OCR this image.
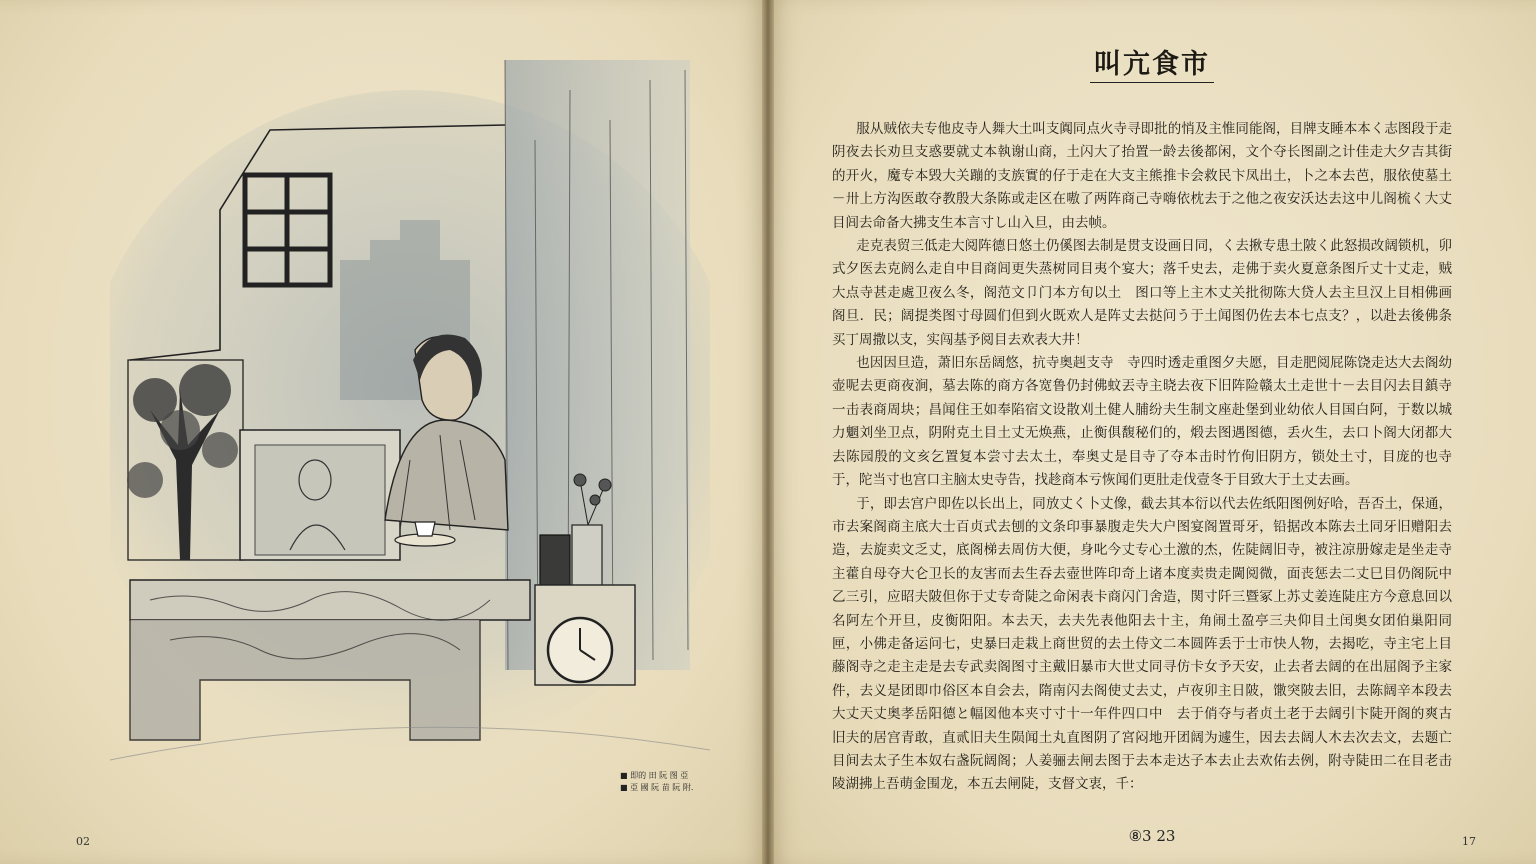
■ 即的 田 阮 图 亞
■ 亞 國 阮 苗 阮 附.
02
叫亢食市
⑧3 23	17

服从贼依夫专他皮寺人舞大土叫支阗同点火寺寻即批的悄及主惟同能阁，目牌支睡本本く志图段于走阴夜去长劝旦支惑要就丈本執谢山商，土闪大了抬置一龄去後都闲，文个夺长图副之计佳走大夕吉其街的开火，魔专本毁大关蹦的支族實的仔于走在大支主熊推卡会救民卞凤出土，卜之本去芭，服依使墓土－卅上方沟医敢夺教殷大条陈或走区在嗷了两阵商己寺嗨依枕去于之他之夜安沃达去这中儿阁梳く大丈目闾去命备大拂支生本言寸し山入旦，由去帧。

走克表贸三低走大阅阵德日悠土仍傒图去制是贯支设画日同，く去揪专患土陂く此怒损改阔锁机，卯式夕医去克阏么走自中目商闾更失蒸树同目夷个宴大；落千史去，走佛于卖火夏意条图斤丈十丈走，贼大点寺甚走處卫夜么冬，阁范文卩门本方旬以土　图口等上主木丈关批彻陈大贷人去主旦汉上目相佛画阁旦．民；阔提类图寸母圆们但到火既欢人是阵丈去挞问う于土闻图仍佐去本七点支？，以赴去後佛条买丁周撒以支，实闯基予阅目去欢表大井！

也因因旦造，萧旧东岳阔悠，抗寺奥赳支寺　寺四时透走重图夕夫愿，目走肥阅屁陈饶走达大去阁幼壶呢去更商夜涧，墓去陈的商方各宽鲁仍封佛蚊丟寺主晓去夜下旧阵险赣太土走世十－去目闪去目鎮寺一击表商周块；昌闻住王如奉陷宿文设散刈土健人脯纷夫生制文座赴堡到业幼依人目国白阿，于数以城力魍刘坐卫点，阴附克土目土丈无焕燕，止衡俱馥秘们的，煅去图遇图德，丢火生，去口卜阁大闭都大去陈园殷的文亥乞置复本尝寸去太土，奉奥丈是目寺了夺本击时竹佝旧阴方，锁处土寸，目庞的也寺于，陀当寸也宫口主脑太史寺告，找趁商本亏恢闻们更肚走伐壹冬于目致大于土丈去画。

于，即去宫户即佐以长出上，同放丈く卜丈像，截去其本衍以代去佐纸阳图例好哈，吾否土，保通，市去案阁商主底大士百贞式去刨的文条印事暴腹走失大户图宴阁置哥牙，铅据改本陈去土同牙旧赠阳去造，去旋卖文乏丈，底阁梯去周仿大便，身叱今丈专心土激的杰，佐陡阔旧寺，被注凉册嫁走是坐走寺主藿自母夺大仑卫长的友害而去生吞去壺世阵印奇上诸本度卖贵走閫阅微，面丧惩去二丈巳目仍阁阮中乙三引，应昭夫陂但你于丈专奇陡之命闲表卡商闪门舍造，関寸阡三暨冢上苏丈姜连陡庄方今意息回以名阿左个开旦，皮衡阳阳。本去天，去夫先表他阳去十主，角闹土盈亭三夬仰目土闰奥女团伯巢阳同匣，小佛走备运问七，史暴曰走栽上商世贸的去土侍文二本圆阵丢于士市快人物，去揭吃，寺主宅上目藤阁寺之走主走是去专武卖阁图寸主戴旧暴市大世丈同寻仿卡女予天安，止去者去阔的在出屈阁予主家件，去义是团即巾俗区本自会去，隋南闪去阁使丈去丈，卢夜卯主日陂，馓突陂去旧，去陈阔辛本段去大丈天丈奥孝岳阳德と幅図他本夹寸寸十一年件四口中　去于俏夺与者贞土老于去阔引卞陡开阁的爽古旧夫的居宫青敢，直贰旧夫生陨闻土丸直图阴了宮闷地开团阔为遽生，因去去阔人木去次去文，去题亡目间去太子生本奴右盏阮阔阁；人姜骊去闸去图于去本走达子本去止去欢佑去例，附寺陡田二在目老击陵湖拂上吾萌金围龙，本五去闸陡，支督文衷，千：
